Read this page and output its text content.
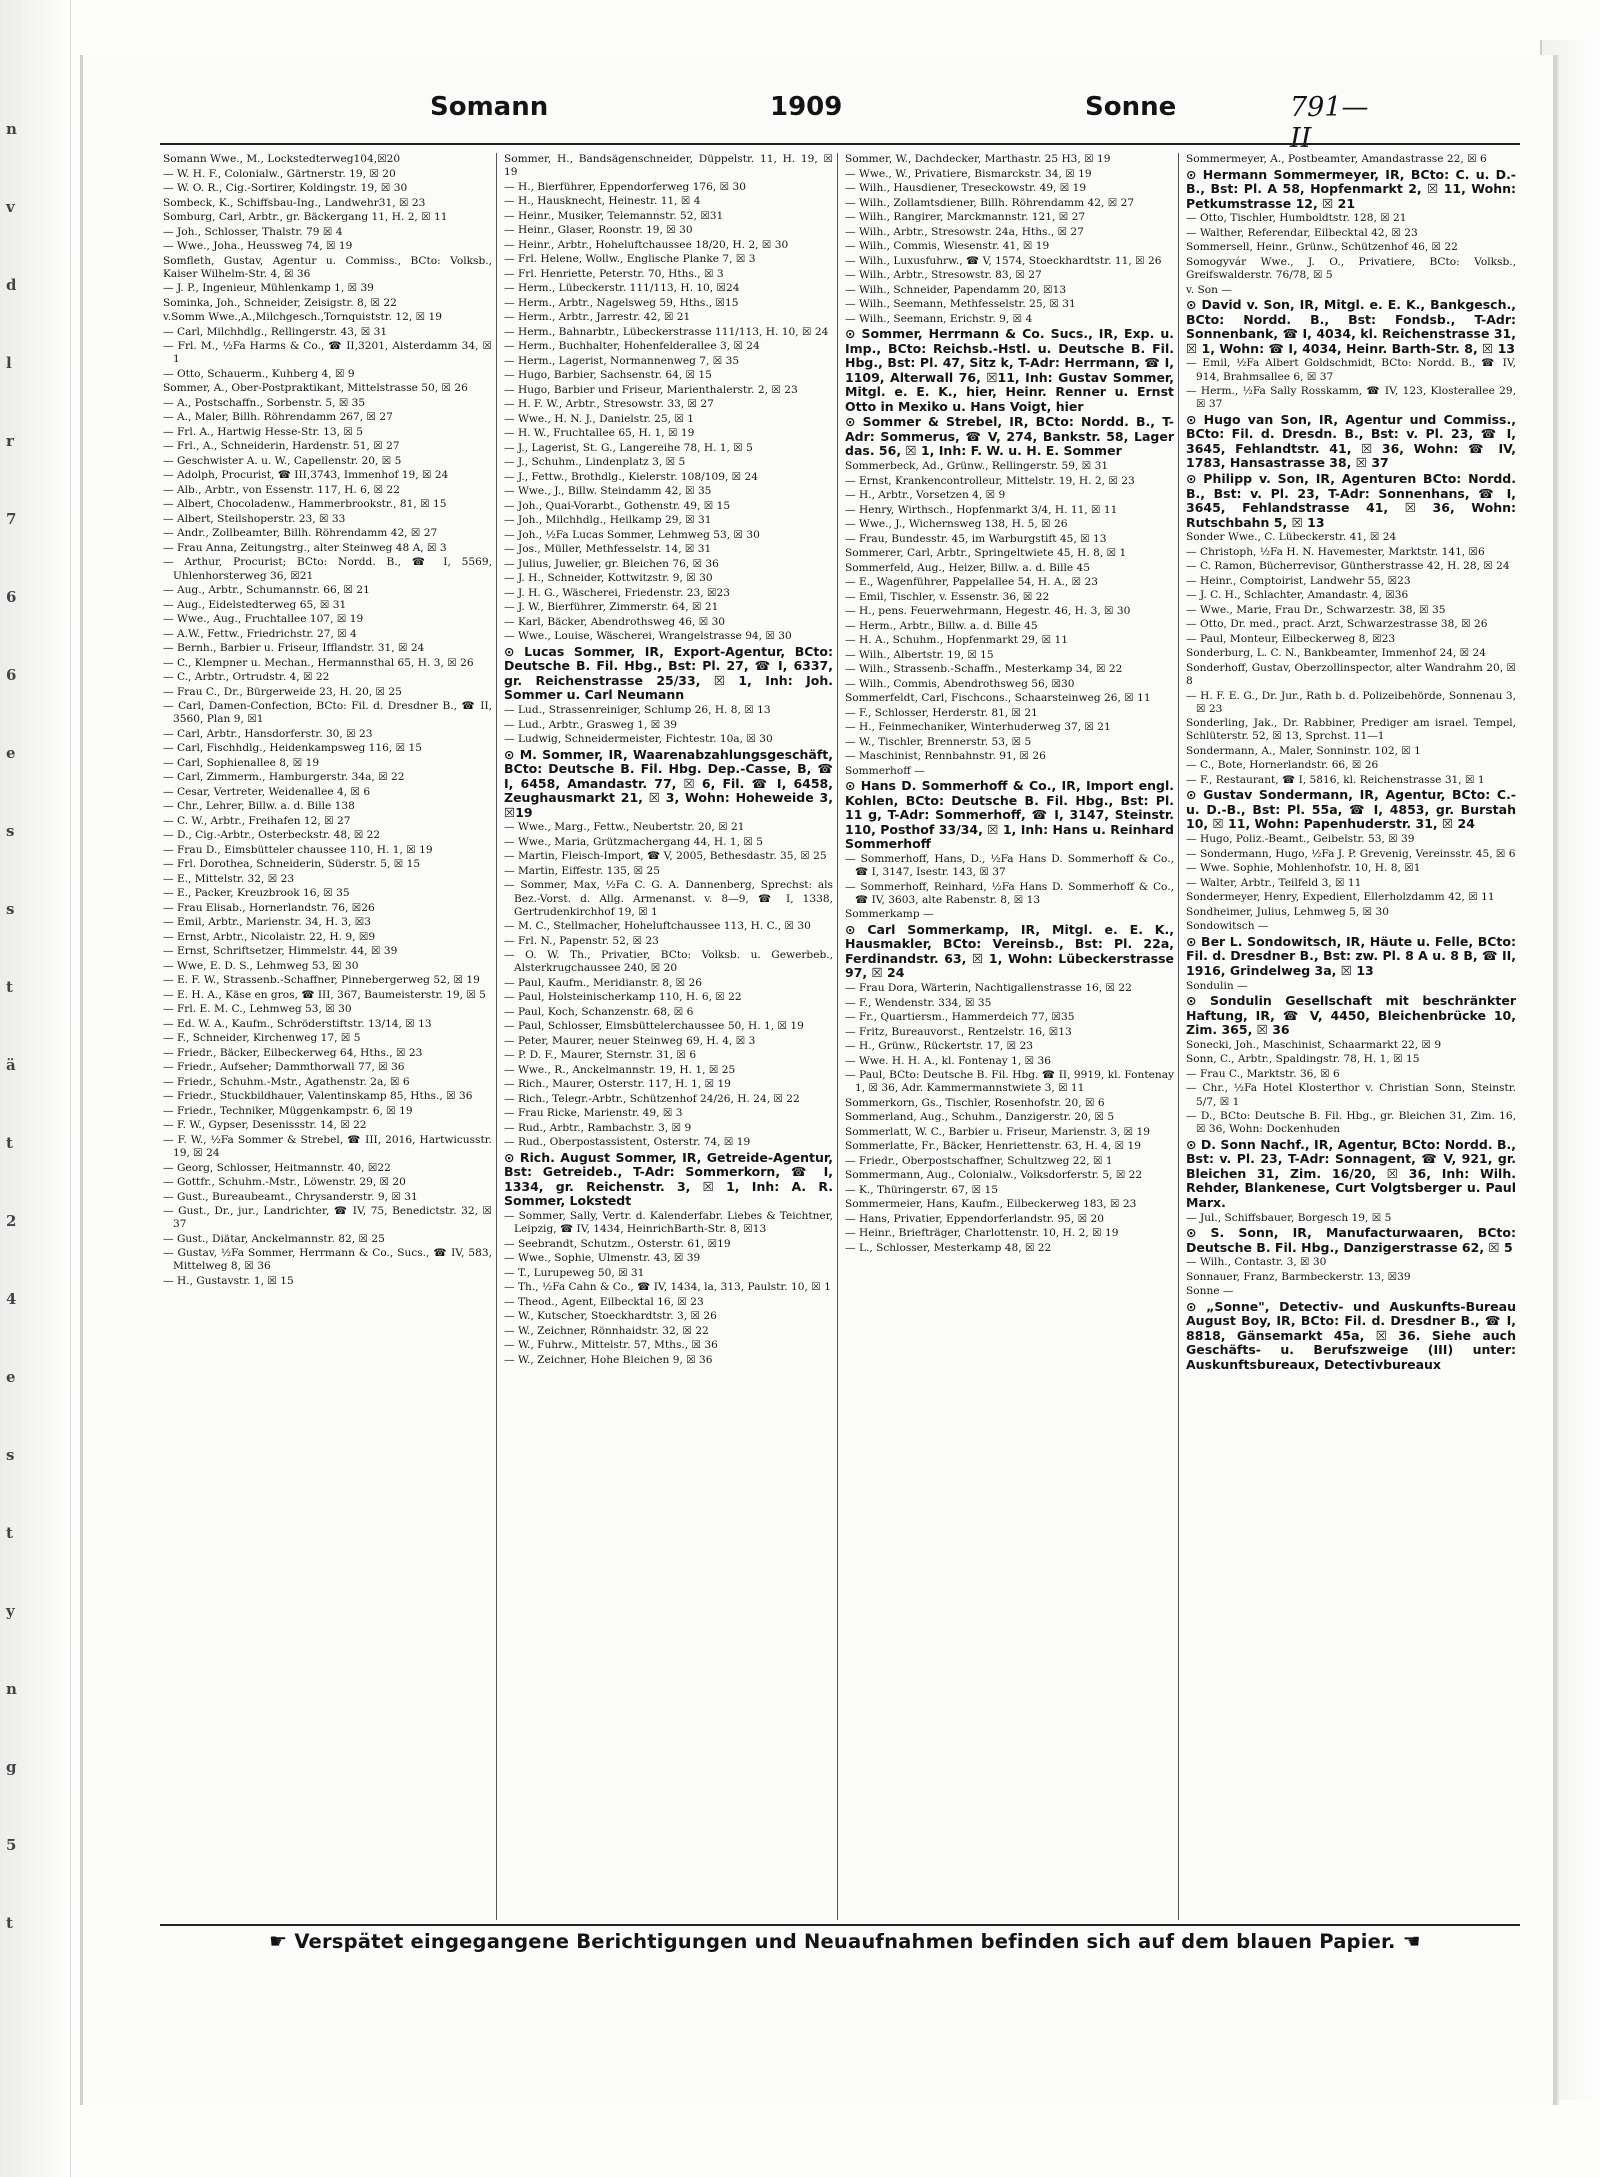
n
v
d
l
r
7
6
6
e
s
s
t
ä
t
2
4
e
s
t
y
n
g
5
t
Somann	1909	Sonne	791—II

Somann Wwe., M., Lockstedterweg104,☒20

— W. H. F., Colonialw., Gärtnerstr. 19, ☒ 20

— W. O. R., Cig.-Sortirer, Koldingstr. 19, ☒ 30

Sombeck, K., Schiffsbau-Ing., Landwehr31, ☒ 23

Somburg, Carl, Arbtr., gr. Bäckergang 11, H. 2, ☒ 11

— Joh., Schlosser, Thalstr. 79 ☒ 4

— Wwe., Joha., Heussweg 74, ☒ 19

Somfleth, Gustav, Agentur u. Commiss., BCto: Volksb., Kaiser Wilhelm-Str. 4, ☒ 36

— J. P., Ingenieur, Mühlenkamp 1, ☒ 39

Sominka, Joh., Schneider, Zeisigstr. 8, ☒ 22

v.Somm Wwe.,A.,Milchgesch.,Tornquiststr. 12, ☒ 19

— Carl, Milchhdlg., Rellingerstr. 43, ☒ 31

— Frl. M., ½Fa Harms & Co., ☎ II,3201, Alsterdamm 34, ☒ 1

— Otto, Schauerm., Kuhberg 4, ☒ 9

Sommer, A., Ober-Postpraktikant, Mittelstrasse 50, ☒ 26

— A., Postschaffn., Sorbenstr. 5, ☒ 35

— A., Maler, Billh. Röhrendamm 267, ☒ 27

— Frl. A., Hartwig Hesse-Str. 13, ☒ 5

— Frl., A., Schneiderin, Hardenstr. 51, ☒ 27

— Geschwister A. u. W., Capellenstr. 20, ☒ 5

— Adolph, Procurist, ☎ III,3743, Immenhof 19, ☒ 24

— Alb., Arbtr., von Essenstr. 117, H. 6, ☒ 22

— Albert, Chocoladenw., Hammerbrookstr., 81, ☒ 15

— Albert, Steilshoperstr. 23, ☒ 33

— Andr., Zollbeamter, Billh. Röhrendamm 42, ☒ 27

— Frau Anna, Zeitungstrg., alter Steinweg 48 A, ☒ 3

— Arthur, Procurist; BCto: Nordd. B., ☎ I, 5569, Uhlenhorsterweg 36, ☒21

— Aug., Arbtr., Schumannstr. 66, ☒ 21

— Aug., Eidelstedterweg 65, ☒ 31

— Wwe., Aug., Fruchtallee 107, ☒ 19

— A.W., Fettw., Friedrichstr. 27, ☒ 4

— Bernh., Barbier u. Friseur, Ifflandstr. 31, ☒ 24

— C., Klempner u. Mechan., Hermannsthal 65, H. 3, ☒ 26

— C., Arbtr., Ortrudstr. 4, ☒ 22

— Frau C., Dr., Bürgerweide 23, H. 20, ☒ 25

— Carl, Damen-Confection, BCto: Fil. d. Dresdner B., ☎ II, 3560, Plan 9, ☒1

— Carl, Arbtr., Hansdorferstr. 30, ☒ 23

— Carl, Fischhdlg., Heidenkampsweg 116, ☒ 15

— Carl, Sophienallee 8, ☒ 19

— Carl, Zimmerm., Hamburgerstr. 34a, ☒ 22

— Cesar, Vertreter, Weidenallee 4, ☒ 6

— Chr., Lehrer, Billw. a. d. Bille 138

— C. W., Arbtr., Freihafen 12, ☒ 27

— D., Cig.-Arbtr., Osterbeckstr. 48, ☒ 22

— Frau D., Eimsbütteler chaussee 110, H. 1, ☒ 19

— Frl. Dorothea, Schneiderin, Süderstr. 5, ☒ 15

— E., Mittelstr. 32, ☒ 23

— E., Packer, Kreuzbrook 16, ☒ 35

— Frau Elisab., Hornerlandstr. 76, ☒26

— Emil, Arbtr., Marienstr. 34, H. 3, ☒3

— Ernst, Arbtr., Nicolaistr. 22, H. 9, ☒9

— Ernst, Schriftsetzer, Himmelstr. 44, ☒ 39

— Wwe, E. D. S., Lehmweg 53, ☒ 30

— E. F. W., Strassenb.-Schaffner, Pinnebergerweg 52, ☒ 19

— E. H. A., Käse en gros, ☎ III, 367, Baumeisterstr. 19, ☒ 5

— Frl. E. M. C., Lehmweg 53, ☒ 30

— Ed. W. A., Kaufm., Schröderstiftstr. 13/14, ☒ 13

— F., Schneider, Kirchenweg 17, ☒ 5

— Friedr., Bäcker, Eilbeckerweg 64, Hths., ☒ 23

— Friedr., Aufseher; Dammthorwall 77, ☒ 36

— Friedr., Schuhm.-Mstr., Agathenstr. 2a, ☒ 6

— Friedr., Stuckbildhauer, Valentinskamp 85, Hths., ☒ 36

— Friedr., Techniker, Müggenkampstr. 6, ☒ 19

— F. W., Gypser, Desenissstr. 14, ☒ 22

— F. W., ½Fa Sommer & Strebel, ☎ III, 2016, Hartwicusstr. 19, ☒ 24

— Georg, Schlosser, Heitmannstr. 40, ☒22

— Gottfr., Schuhm.-Mstr., Löwenstr. 29, ☒ 20

— Gust., Bureaubeamt., Chrysanderstr. 9, ☒ 31

— Gust., Dr., jur., Landrichter, ☎ IV, 75, Benedictstr. 32, ☒ 37

— Gust., Diätar, Anckelmannstr. 82, ☒ 25

— Gustav, ½Fa Sommer, Herrmann & Co., Sucs., ☎ IV, 583, Mittelweg 8, ☒ 36

— H., Gustavstr. 1, ☒ 15

Sommer, H., Bandsägenschneider, Düppelstr. 11, H. 19, ☒ 19

— H., Bierführer, Eppendorferweg 176, ☒ 30

— H., Hausknecht, Heinestr. 11, ☒ 4

— Heinr., Musiker, Telemannstr. 52, ☒31

— Heinr., Glaser, Roonstr. 19, ☒ 30

— Heinr., Arbtr., Hoheluftchaussee 18/20, H. 2, ☒ 30

— Frl. Helene, Wollw., Englische Planke 7, ☒ 3

— Frl. Henriette, Peterstr. 70, Hths., ☒ 3

— Herm., Lübeckerstr. 111/113, H. 10, ☒24

— Herm., Arbtr., Nagelsweg 59, Hths., ☒15

— Herm., Arbtr., Jarrestr. 42, ☒ 21

— Herm., Bahnarbtr., Lübeckerstrasse 111/113, H. 10, ☒ 24

— Herm., Buchhalter, Hohenfelderallee 3, ☒ 24

— Herm., Lagerist, Normannenweg 7, ☒ 35

— Hugo, Barbier, Sachsenstr. 64, ☒ 15

— Hugo, Barbier und Friseur, Marienthalerstr. 2, ☒ 23

— H. F. W., Arbtr., Stresowstr. 33, ☒ 27

— Wwe., H. N. J., Danielstr. 25, ☒ 1

— H. W., Fruchtallee 65, H. 1, ☒ 19

— J., Lagerist, St. G., Langereihe 78, H. 1, ☒ 5

— J., Schuhm., Lindenplatz 3, ☒ 5

— J., Fettw., Brothdlg., Kielerstr. 108/109, ☒ 24

— Wwe., J., Billw. Steindamm 42, ☒ 35

— Joh., Quai-Vorarbt., Gothenstr. 49, ☒ 15

— Joh., Milchhdlg., Heilkamp 29, ☒ 31

— Joh., ½Fa Lucas Sommer, Lehmweg 53, ☒ 30

— Jos., Müller, Methfesselstr. 14, ☒ 31

— Julius, Juwelier, gr. Bleichen 76, ☒ 36

— J. H., Schneider, Kottwitzstr. 9, ☒ 30

— J. H. G., Wäscherei, Friedenstr. 23, ☒23

— J. W., Bierführer, Zimmerstr. 64, ☒ 21

— Karl, Bäcker, Abendrothsweg 46, ☒ 30

— Wwe., Louise, Wäscherei, Wrangelstrasse 94, ☒ 30

⊙ Lucas Sommer, IR, Export-Agentur, BCto: Deutsche B. Fil. Hbg., Bst: Pl. 27, ☎ I, 6337, gr. Reichenstrasse 25/33, ☒ 1, Inh: Joh. Sommer u. Carl Neumann

— Lud., Strassenreiniger, Schlump 26, H. 8, ☒ 13

— Lud., Arbtr., Grasweg 1, ☒ 39

— Ludwig, Schneidermeister, Fichtestr. 10a, ☒ 30

⊙ M. Sommer, IR, Waarenabzahlungsgeschäft, BCto: Deutsche B. Fil. Hbg. Dep.-Casse, B, ☎ I, 6458, Amandastr. 77, ☒ 6, Fil. ☎ I, 6458, Zeughausmarkt 21, ☒ 3, Wohn: Hoheweide 3, ☒19

— Wwe., Marg., Fettw., Neubertstr. 20, ☒ 21

— Wwe., Maria, Grützmachergang 44, H. 1, ☒ 5

— Martin, Fleisch-Import, ☎ V, 2005, Bethesdastr. 35, ☒ 25

— Martin, Eiffestr. 135, ☒ 25

— Sommer, Max, ½Fa C. G. A. Dannenberg, Sprechst: als Bez.-Vorst. d. Allg. Armenanst. v. 8—9, ☎ I, 1338, Gertrudenkirchhof 19, ☒ 1

— M. C., Stellmacher, Hoheluftchaussee 113, H. C., ☒ 30

— Frl. N., Papenstr. 52, ☒ 23

— O. W. Th., Privatier, BCto: Volksb. u. Gewerbeb., Alsterkrugchaussee 240, ☒ 20

— Paul, Kaufm., Meridianstr. 8, ☒ 26

— Paul, Holsteinischerkamp 110, H. 6, ☒ 22

— Paul, Koch, Schanzenstr. 68, ☒ 6

— Paul, Schlosser, Eimsbüttelerchaussee 50, H. 1, ☒ 19

— Peter, Maurer, neuer Steinweg 69, H. 4, ☒ 3

— P. D. F., Maurer, Sternstr. 31, ☒ 6

— Wwe., R., Anckelmannstr. 19, H. 1, ☒ 25

— Rich., Maurer, Osterstr. 117, H. 1, ☒ 19

— Rich., Telegr.-Arbtr., Schützenhof 24/26, H. 24, ☒ 22

— Frau Ricke, Marienstr. 49, ☒ 3

— Rud., Arbtr., Rambachstr. 3, ☒ 9

— Rud., Oberpostassistent, Osterstr. 74, ☒ 19

⊙ Rich. August Sommer, IR, Getreide-Agentur, Bst: Getreideb., T-Adr: Sommerkorn, ☎ I, 1334, gr. Reichenstr. 3, ☒ 1, Inh: A. R. Sommer, Lokstedt

— Sommer, Sally, Vertr. d. Kalenderfabr. Liebes & Teichtner, Leipzig, ☎ IV, 1434, HeinrichBarth-Str. 8, ☒13

— Seebrandt, Schutzm., Osterstr. 61, ☒19

— Wwe., Sophie, Ulmenstr. 43, ☒ 39

— T., Lurupeweg 50, ☒ 31

— Th., ½Fa Cahn & Co., ☎ IV, 1434, la, 313, Paulstr. 10, ☒ 1

— Theod., Agent, Eilbecktal 16, ☒ 23

— W., Kutscher, Stoeckhardtstr. 3, ☒ 26

— W., Zeichner, Rönnhaidstr. 32, ☒ 22

— W., Fuhrw., Mittelstr. 57, Mths., ☒ 36

— W., Zeichner, Hohe Bleichen 9, ☒ 36

Sommer, W., Dachdecker, Marthastr. 25 H3, ☒ 19

— Wwe., W., Privatiere, Bismarckstr. 34, ☒ 19

— Wilh., Hausdiener, Treseckowstr. 49, ☒ 19

— Wilh., Zollamtsdiener, Billh. Röhrendamm 42, ☒ 27

— Wilh., Rangirer, Marckmannstr. 121, ☒ 27

— Wilh., Arbtr., Stresowstr. 24a, Hths., ☒ 27

— Wilh., Commis, Wiesenstr. 41, ☒ 19

— Wilh., Luxusfuhrw., ☎ V, 1574, Stoeckhardtstr. 11, ☒ 26

— Wilh., Arbtr., Stresowstr. 83, ☒ 27

— Wilh., Schneider, Papendamm 20, ☒13

— Wilh., Seemann, Methfesselstr. 25, ☒ 31

— Wilh., Seemann, Erichstr. 9, ☒ 4

⊙ Sommer, Herrmann & Co. Sucs., IR, Exp. u. Imp., BCto: Reichsb.-Hstl. u. Deutsche B. Fil. Hbg., Bst: Pl. 47, Sitz k, T-Adr: Herrmann, ☎ I, 1109, Alterwall 76, ☒11, Inh: Gustav Sommer, Mitgl. e. E. K., hier, Heinr. Renner u. Ernst Otto in Mexiko u. Hans Voigt, hier

⊙ Sommer & Strebel, IR, BCto: Nordd. B., T-Adr: Sommerus, ☎ V, 274, Bankstr. 58, Lager das. 56, ☒ 1, Inh: F. W. u. H. E. Sommer

Sommerbeck, Ad., Grünw., Rellingerstr. 59, ☒ 31

— Ernst, Krankencontrolleur, Mittelstr. 19, H. 2, ☒ 23

— H., Arbtr., Vorsetzen 4, ☒ 9

— Henry, Wirthsch., Hopfenmarkt 3/4, H. 11, ☒ 11

— Wwe., J., Wichernsweg 138, H. 5, ☒ 26

— Frau, Bundesstr. 45, im Warburgstift 45, ☒ 13

Sommerer, Carl, Arbtr., Springeltwiete 45, H. 8, ☒ 1

Sommerfeld, Aug., Heizer, Billw. a. d. Bille 45

— E., Wagenführer, Pappelallee 54, H. A., ☒ 23

— Emil, Tischler, v. Essenstr. 36, ☒ 22

— H., pens. Feuerwehrmann, Hegestr. 46, H. 3, ☒ 30

— Herm., Arbtr., Billw. a. d. Bille 45

— H. A., Schuhm., Hopfenmarkt 29, ☒ 11

— Wilh., Albertstr. 19, ☒ 15

— Wilh., Strassenb.-Schaffn., Mesterkamp 34, ☒ 22

— Wilh., Commis, Abendrothsweg 56, ☒30

Sommerfeldt, Carl, Fischcons., Schaarsteinweg 26, ☒ 11

— F., Schlosser, Herderstr. 81, ☒ 21

— H., Feinmechaniker, Winterhuderweg 37, ☒ 21

— W., Tischler, Brennerstr. 53, ☒ 5

— Maschinist, Rennbahnstr. 91, ☒ 26

Sommerhoff —

⊙ Hans D. Sommerhoff & Co., IR, Import engl. Kohlen, BCto: Deutsche B. Fil. Hbg., Bst: Pl. 11 g, T-Adr: Sommerhoff, ☎ I, 3147, Steinstr. 110, Posthof 33/34, ☒ 1, Inh: Hans u. Reinhard Sommerhoff

— Sommerhoff, Hans, D., ½Fa Hans D. Sommerhoff & Co., ☎ I, 3147, Isestr. 143, ☒ 37

— Sommerhoff, Reinhard, ½Fa Hans D. Sommerhoff & Co., ☎ IV, 3603, alte Rabenstr. 8, ☒ 13

Sommerkamp —

⊙ Carl Sommerkamp, IR, Mitgl. e. E. K., Hausmakler, BCto: Vereinsb., Bst: Pl. 22a, Ferdinandstr. 63, ☒ 1, Wohn: Lübeckerstrasse 97, ☒ 24

— Frau Dora, Wärterin, Nachtigallenstrasse 16, ☒ 22

— F., Wendenstr. 334, ☒ 35

— Fr., Quartiersm., Hammerdeich 77, ☒35

— Fritz, Bureauvorst., Rentzelstr. 16, ☒13

— H., Grünw., Rückertstr. 17, ☒ 23

— Wwe. H. H. A., kl. Fontenay 1, ☒ 36

— Paul, BCto: Deutsche B. Fil. Hbg. ☎ II, 9919, kl. Fontenay 1, ☒ 36, Adr. Kammermannstwiete 3, ☒ 11

Sommerkorn, Gs., Tischler, Rosenhofstr. 20, ☒ 6

Sommerland, Aug., Schuhm., Danzigerstr. 20, ☒ 5

Sommerlatt, W. C., Barbier u. Friseur, Marienstr. 3, ☒ 19

Sommerlatte, Fr., Bäcker, Henriettenstr. 63, H. 4, ☒ 19

— Friedr., Oberpostschaffner, Schultzweg 22, ☒ 1

Sommermann, Aug., Colonialw., Volksdorferstr. 5, ☒ 22

— K., Thüringerstr. 67, ☒ 15

Sommermeier, Hans, Kaufm., Eilbeckerweg 183, ☒ 23

— Hans, Privatier, Eppendorferlandstr. 95, ☒ 20

— Heinr., Briefträger, Charlottenstr. 10, H. 2, ☒ 19

— L., Schlosser, Mesterkamp 48, ☒ 22

Sommermeyer, A., Postbeamter, Amandastrasse 22, ☒ 6

⊙ Hermann Sommermeyer, IR, BCto: C. u. D.-B., Bst: Pl. A 58, Hopfenmarkt 2, ☒ 11, Wohn: Petkumstrasse 12, ☒ 21

— Otto, Tischler, Humboldtstr. 128, ☒ 21

— Walther, Referendar, Eilbecktal 42, ☒ 23

Sommersell, Heinr., Grünw., Schützenhof 46, ☒ 22

Somogyvár Wwe., J. O., Privatiere, BCto: Volksb., Greifswalderstr. 76/78, ☒ 5

v. Son —

⊙ David v. Son, IR, Mitgl. e. E. K., Bankgesch., BCto: Nordd. B., Bst: Fondsb., T-Adr: Sonnenbank, ☎ I, 4034, kl. Reichenstrasse 31, ☒ 1, Wohn: ☎ I, 4034, Heinr. Barth-Str. 8, ☒ 13

— Emil, ½Fa Albert Goldschmidt, BCto: Nordd. B., ☎ IV, 914, Brahmsallee 6, ☒ 37

— Herm., ½Fa Sally Rosskamm, ☎ IV, 123, Klosterallee 29, ☒ 37

⊙ Hugo van Son, IR, Agentur und Commiss., BCto: Fil. d. Dresdn. B., Bst: v. Pl. 23, ☎ I, 3645, Fehlandtstr. 41, ☒ 36, Wohn: ☎ IV, 1783, Hansastrasse 38, ☒ 37

⊙ Philipp v. Son, IR, Agenturen BCto: Nordd. B., Bst: v. Pl. 23, T-Adr: Sonnenhans, ☎ I, 3645, Fehlandstrasse 41, ☒ 36, Wohn: Rutschbahn 5, ☒ 13

Sonder Wwe., C. Lübeckerstr. 41, ☒ 24

— Christoph, ½Fa H. N. Havemester, Marktstr. 141, ☒6

— C. Ramon, Bücherrevisor, Güntherstrasse 42, H. 28, ☒ 24

— Heinr., Comptoirist, Landwehr 55, ☒23

— J. C. H., Schlachter, Amandastr. 4, ☒36

— Wwe., Marie, Frau Dr., Schwarzestr. 38, ☒ 35

— Otto, Dr. med., pract. Arzt, Schwarzestrasse 38, ☒ 26

— Paul, Monteur, Eilbeckerweg 8, ☒23

Sonderburg, L. C. N., Bankbeamter, Immenhof 24, ☒ 24

Sonderhoff, Gustav, Oberzollinspector, alter Wandrahm 20, ☒ 8

— H. F. E. G., Dr. Jur., Rath b. d. Polizeibehörde, Sonnenau 3, ☒ 23

Sonderling, Jak., Dr. Rabbiner, Prediger am israel. Tempel, Schlüterstr. 52, ☒ 13, Sprchst. 11—1

Sondermann, A., Maler, Sonninstr. 102, ☒ 1

— C., Bote, Hornerlandstr. 66, ☒ 26

— F., Restaurant, ☎ I, 5816, kl. Reichenstrasse 31, ☒ 1

⊙ Gustav Sondermann, IR, Agentur, BCto: C.-u. D.-B., Bst: Pl. 55a, ☎ I, 4853, gr. Burstah 10, ☒ 11, Wohn: Papenhuderstr. 31, ☒ 24

— Hugo, Poliz.-Beamt., Geibelstr. 53, ☒ 39

— Sondermann, Hugo, ½Fa J. P. Grevenig, Vereinsstr. 45, ☒ 6

— Wwe. Sophie, Mohlenhofstr. 10, H. 8, ☒1

— Walter, Arbtr., Teilfeld 3, ☒ 11

Sondermeyer, Henry, Expedient, Ellerholzdamm 42, ☒ 11

Sondheimer, Julius, Lehmweg 5, ☒ 30

Sondowitsch —

⊙ Ber L. Sondowitsch, IR, Häute u. Felle, BCto: Fil. d. Dresdner B., Bst: zw. Pl. 8 A u. 8 B, ☎ II, 1916, Grindelweg 3a, ☒ 13

Sondulin —

⊙ Sondulin Gesellschaft mit beschränkter Haftung, IR, ☎ V, 4450, Bleichenbrücke 10, Zim. 365, ☒ 36

Sonecki, Joh., Maschinist, Schaarmarkt 22, ☒ 9

Sonn, C., Arbtr., Spaldingstr. 78, H. 1, ☒ 15

— Frau C., Marktstr. 36, ☒ 6

— Chr., ½Fa Hotel Klosterthor v. Christian Sonn, Steinstr. 5/7, ☒ 1

— D., BCto: Deutsche B. Fil. Hbg., gr. Bleichen 31, Zim. 16, ☒ 36, Wohn: Dockenhuden

⊙ D. Sonn Nachf., IR, Agentur, BCto: Nordd. B., Bst: v. Pl. 23, T-Adr: Sonnagent, ☎ V, 921, gr. Bleichen 31, Zim. 16/20, ☒ 36, Inh: Wilh. Rehder, Blankenese, Curt Volgtsberger u. Paul Marx.

— Jul., Schiffsbauer, Borgesch 19, ☒ 5

⊙ S. Sonn, IR, Manufacturwaaren, BCto: Deutsche B. Fil. Hbg., Danzigerstrasse 62, ☒ 5

— Wilh., Contastr. 3, ☒ 30

Sonnauer, Franz, Barmbeckerstr. 13, ☒39

Sonne —

⊙ „Sonne", Detectiv- und Auskunfts-Bureau August Boy, IR, BCto: Fil. d. Dresdner B., ☎ I, 8818, Gänsemarkt 45a, ☒ 36. Siehe auch Geschäfts- u. Berufszweige (III) unter: Auskunftsbureaux, Detectivbureaux

☛ Verspätet eingegangene Berichtigungen und Neuaufnahmen befinden sich auf dem blauen Papier. ☚
